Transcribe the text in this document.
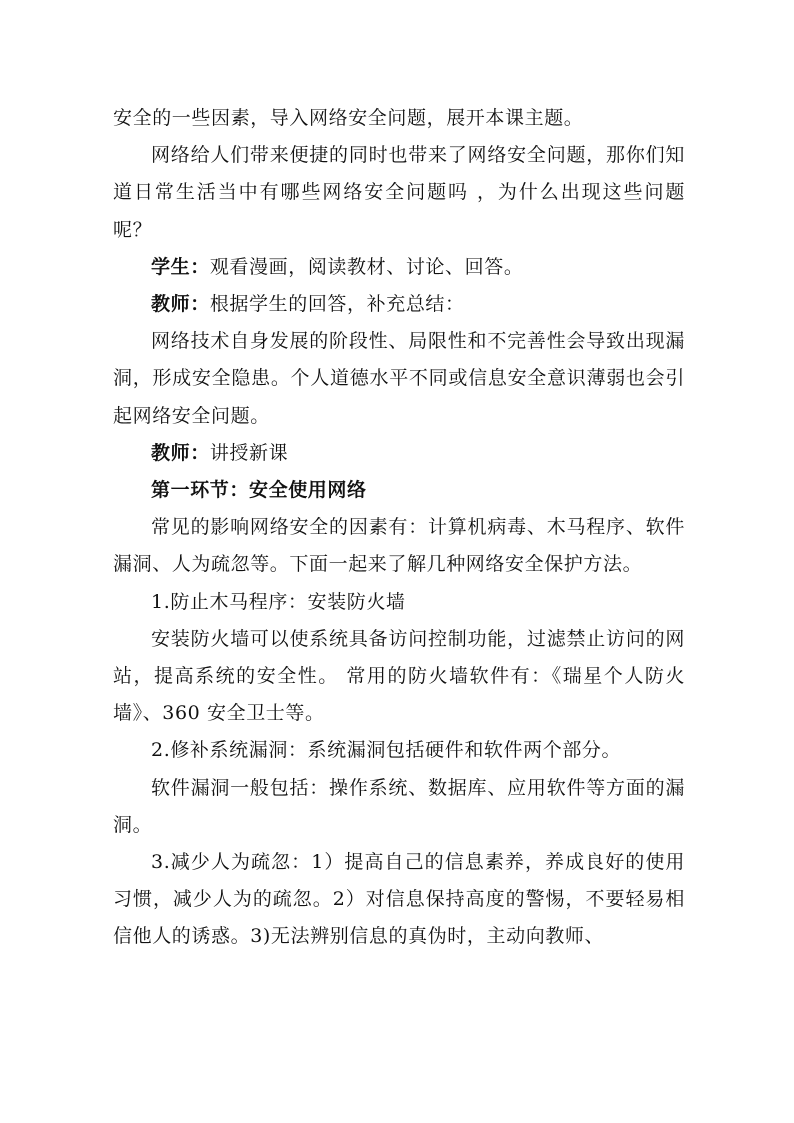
安全的一些因素，导入网络安全问题，展开本课主题。

网络给人们带来便捷的同时也带来了网络安全问题，那你们知道日常生活当中有哪些网络安全问题吗 ，为什么出现这些问题呢？

学生：观看漫画，阅读教材、讨论、回答。

教师：根据学生的回答，补充总结：

网络技术自身发展的阶段性、局限性和不完善性会导致出现漏洞，形成安全隐患。个人道德水平不同或信息安全意识薄弱也会引起网络安全问题。

教师：讲授新课

第一环节：安全使用网络

常见的影响网络安全的因素有：计算机病毒、木马程序、软件漏洞、人为疏忽等。下面一起来了解几种网络安全保护方法。

1.防止木马程序：安装防火墙

安装防火墙可以使系统具备访问控制功能，过滤禁止访问的网站，提高系统的安全性。 常用的防火墙软件有：《瑞星个人防火墙》、360 安全卫士等。

2.修补系统漏洞：系统漏洞包括硬件和软件两个部分。

软件漏洞一般包括：操作系统、数据库、应用软件等方面的漏洞。

3.减少人为疏忽：1）提高自己的信息素养，养成良好的使用习惯，减少人为的疏忽。2）对信息保持高度的警惕，不要轻易相信他人的诱惑。3)无法辨别信息的真伪时，主动向教师、
